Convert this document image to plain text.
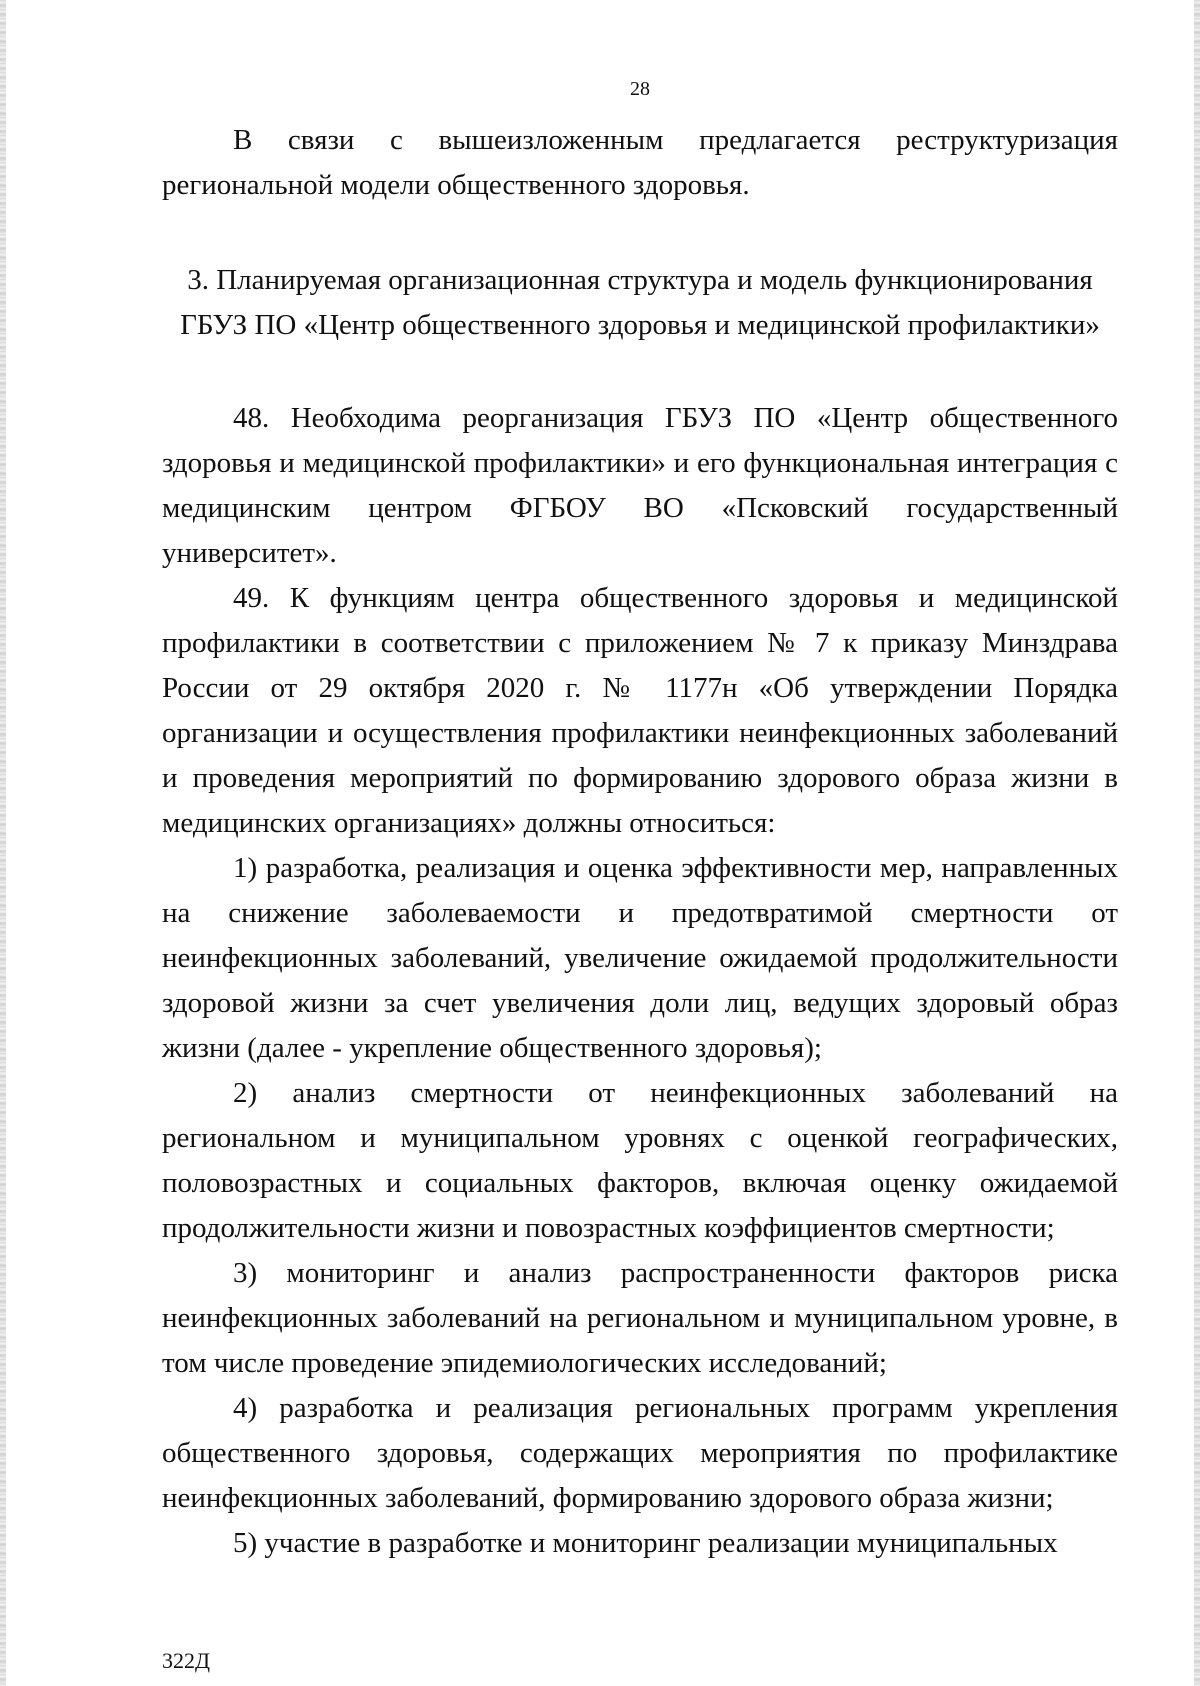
28

В связи с вышеизложенным предлагается реструктуризация региональной модели общественного здоровья.

3. Планируемая организационная структура и модель функционирования ГБУЗ ПО «Центр общественного здоровья и медицинской профилактики»

48. Необходима реорганизация ГБУЗ ПО «Центр общественного здоровья и медицинской профилактики» и его функциональная интеграция с медицинским центром ФГБОУ ВО «Псковский государственный университет».

49. К функциям центра общественного здоровья и медицинской профилактики в соответствии с приложением № 7 к приказу Минздрава России от 29 октября 2020 г. № 1177н «Об утверждении Порядка организации и осуществления профилактики неинфекционных заболеваний и проведения мероприятий по формированию здорового образа жизни в медицинских организациях» должны относиться:

1) разработка, реализация и оценка эффективности мер, направленных на снижение заболеваемости и предотвратимой смертности от неинфекционных заболеваний, увеличение ожидаемой продолжительности здоровой жизни за счет увеличения доли лиц, ведущих здоровый образ жизни (далее - укрепление общественного здоровья);

2) анализ смертности от неинфекционных заболеваний на региональном и муниципальном уровнях с оценкой географических, половозрастных и социальных факторов, включая оценку ожидаемой продолжительности жизни и повозрастных коэффициентов смертности;

3) мониторинг и анализ распространенности факторов риска неинфекционных заболеваний на региональном и муниципальном уровне, в том числе проведение эпидемиологических исследований;

4) разработка и реализация региональных программ укрепления общественного здоровья, содержащих мероприятия по профилактике неинфекционных заболеваний, формированию здорового образа жизни;

5) участие в разработке и мониторинг реализации муниципальных

322Д
